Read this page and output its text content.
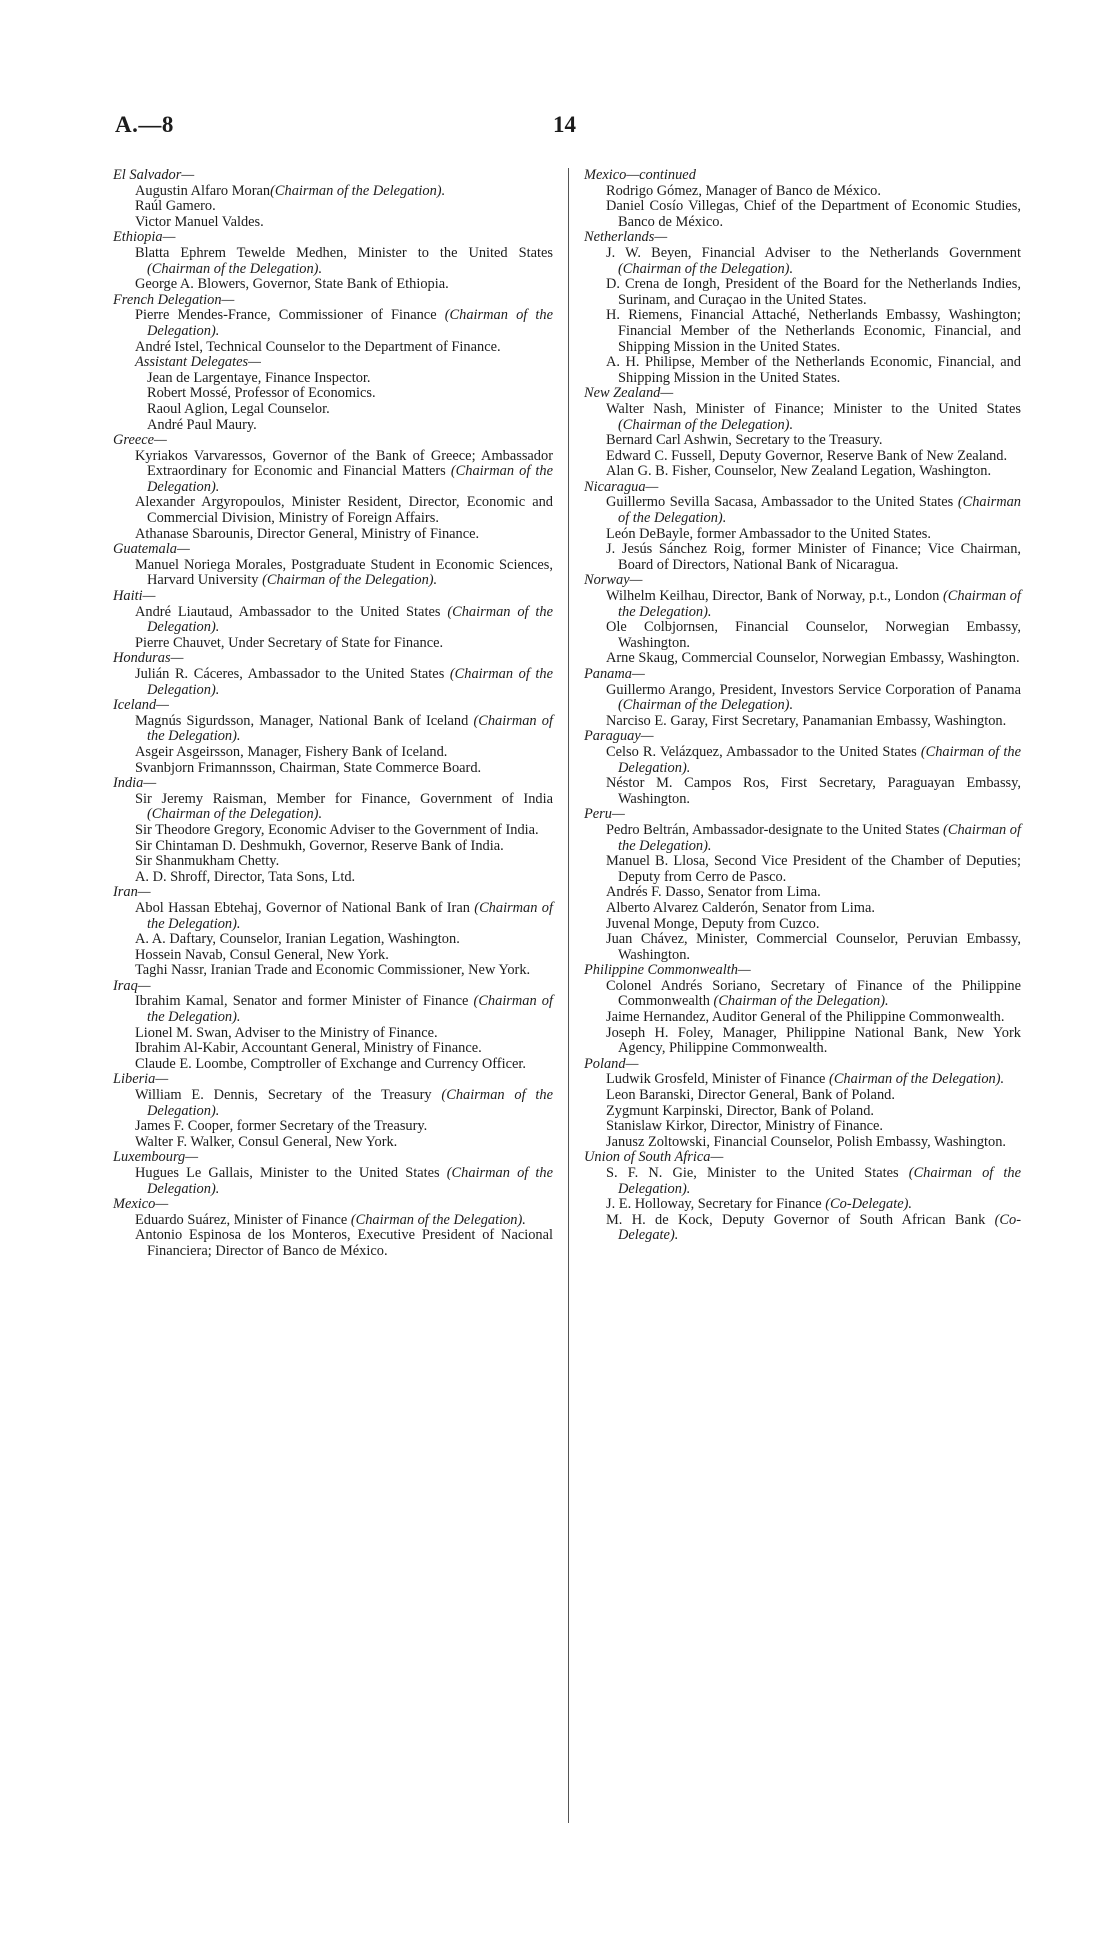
A.—8	14
El Salvador—

Augustin Alfaro Moran(Chairman of the Delegation).

Raúl Gamero.

Victor Manuel Valdes.

Ethiopia—

Blatta Ephrem Tewelde Medhen, Minister to the United States (Chairman of the Delegation).

George A. Blowers, Governor, State Bank of Ethiopia.

French Delegation—

Pierre Mendes-France, Commissioner of Finance (Chairman of the Delegation).

André Istel, Technical Counselor to the Department of Finance.

Assistant Delegates—

Jean de Largentaye, Finance Inspector.

Robert Mossé, Professor of Economics.

Raoul Aglion, Legal Counselor.

André Paul Maury.

Greece—

Kyriakos Varvaressos, Governor of the Bank of Greece; Ambassador Extraordinary for Economic and Financial Matters (Chairman of the Delegation).

Alexander Argyropoulos, Minister Resident, Director, Economic and Commercial Division, Ministry of Foreign Affairs.

Athanase Sbarounis, Director General, Ministry of Finance.

Guatemala—

Manuel Noriega Morales, Postgraduate Student in Economic Sciences, Harvard University (Chairman of the Delegation).

Haiti—

André Liautaud, Ambassador to the United States (Chairman of the Delegation).

Pierre Chauvet, Under Secretary of State for Finance.

Honduras—

Julián R. Cáceres, Ambassador to the United States (Chairman of the Delegation).

Iceland—

Magnús Sigurdsson, Manager, National Bank of Iceland (Chairman of the Delegation).

Asgeir Asgeirsson, Manager, Fishery Bank of Iceland.

Svanbjorn Frimannsson, Chairman, State Commerce Board.

India—

Sir Jeremy Raisman, Member for Finance, Government of India (Chairman of the Delegation).

Sir Theodore Gregory, Economic Adviser to the Government of India.

Sir Chintaman D. Deshmukh, Governor, Reserve Bank of India.

Sir Shanmukham Chetty.

A. D. Shroff, Director, Tata Sons, Ltd.

Iran—

Abol Hassan Ebtehaj, Governor of National Bank of Iran (Chairman of the Delegation).

A. A. Daftary, Counselor, Iranian Legation, Washington.

Hossein Navab, Consul General, New York.

Taghi Nassr, Iranian Trade and Economic Commissioner, New York.

Iraq—

Ibrahim Kamal, Senator and former Minister of Finance (Chairman of the Delegation).

Lionel M. Swan, Adviser to the Ministry of Finance.

Ibrahim Al-Kabir, Accountant General, Ministry of Finance.

Claude E. Loombe, Comptroller of Exchange and Currency Officer.

Liberia—

William E. Dennis, Secretary of the Treasury (Chairman of the Delegation).

James F. Cooper, former Secretary of the Treasury.

Walter F. Walker, Consul General, New York.

Luxembourg—

Hugues Le Gallais, Minister to the United States (Chairman of the Delegation).

Mexico—

Eduardo Suárez, Minister of Finance (Chairman of the Delegation).

Antonio Espinosa de los Monteros, Executive President of Nacional Financiera; Director of Banco de México.

Mexico—continued

Rodrigo Gómez, Manager of Banco de México.

Daniel Cosío Villegas, Chief of the Department of Economic Studies, Banco de México.

Netherlands—

J. W. Beyen, Financial Adviser to the Netherlands Government (Chairman of the Delegation).

D. Crena de Iongh, President of the Board for the Netherlands Indies, Surinam, and Curaçao in the United States.

H. Riemens, Financial Attaché, Netherlands Embassy, Washington; Financial Member of the Netherlands Economic, Financial, and Shipping Mission in the United States.

A. H. Philipse, Member of the Netherlands Economic, Financial, and Shipping Mission in the United States.

New Zealand—

Walter Nash, Minister of Finance; Minister to the United States (Chairman of the Delegation).

Bernard Carl Ashwin, Secretary to the Treasury.

Edward C. Fussell, Deputy Governor, Reserve Bank of New Zealand.

Alan G. B. Fisher, Counselor, New Zealand Legation, Washington.

Nicaragua—

Guillermo Sevilla Sacasa, Ambassador to the United States (Chairman of the Delegation).

León DeBayle, former Ambassador to the United States.

J. Jesús Sánchez Roig, former Minister of Finance; Vice Chairman, Board of Directors, National Bank of Nicaragua.

Norway—

Wilhelm Keilhau, Director, Bank of Norway, p.t., London (Chairman of the Delegation).

Ole Colbjornsen, Financial Counselor, Norwegian Embassy, Washington.

Arne Skaug, Commercial Counselor, Norwegian Embassy, Washington.

Panama—

Guillermo Arango, President, Investors Service Corporation of Panama (Chairman of the Delegation).

Narciso E. Garay, First Secretary, Panamanian Embassy, Washington.

Paraguay—

Celso R. Velázquez, Ambassador to the United States (Chairman of the Delegation).

Néstor M. Campos Ros, First Secretary, Paraguayan Embassy, Washington.

Peru—

Pedro Beltrán, Ambassador-designate to the United States (Chairman of the Delegation).

Manuel B. Llosa, Second Vice President of the Chamber of Deputies; Deputy from Cerro de Pasco.

Andrés F. Dasso, Senator from Lima.

Alberto Alvarez Calderón, Senator from Lima.

Juvenal Monge, Deputy from Cuzco.

Juan Chávez, Minister, Commercial Counselor, Peruvian Embassy, Washington.

Philippine Commonwealth—

Colonel Andrés Soriano, Secretary of Finance of the Philippine Commonwealth (Chairman of the Delegation).

Jaime Hernandez, Auditor General of the Philippine Commonwealth.

Joseph H. Foley, Manager, Philippine National Bank, New York Agency, Philippine Commonwealth.

Poland—

Ludwik Grosfeld, Minister of Finance (Chairman of the Delegation).

Leon Baranski, Director General, Bank of Poland.

Zygmunt Karpinski, Director, Bank of Poland.

Stanislaw Kirkor, Director, Ministry of Finance.

Janusz Zoltowski, Financial Counselor, Polish Embassy, Washington.

Union of South Africa—

S. F. N. Gie, Minister to the United States (Chairman of the Delegation).

J. E. Holloway, Secretary for Finance (Co-Delegate).

M. H. de Kock, Deputy Governor of South African Bank (Co-Delegate).
